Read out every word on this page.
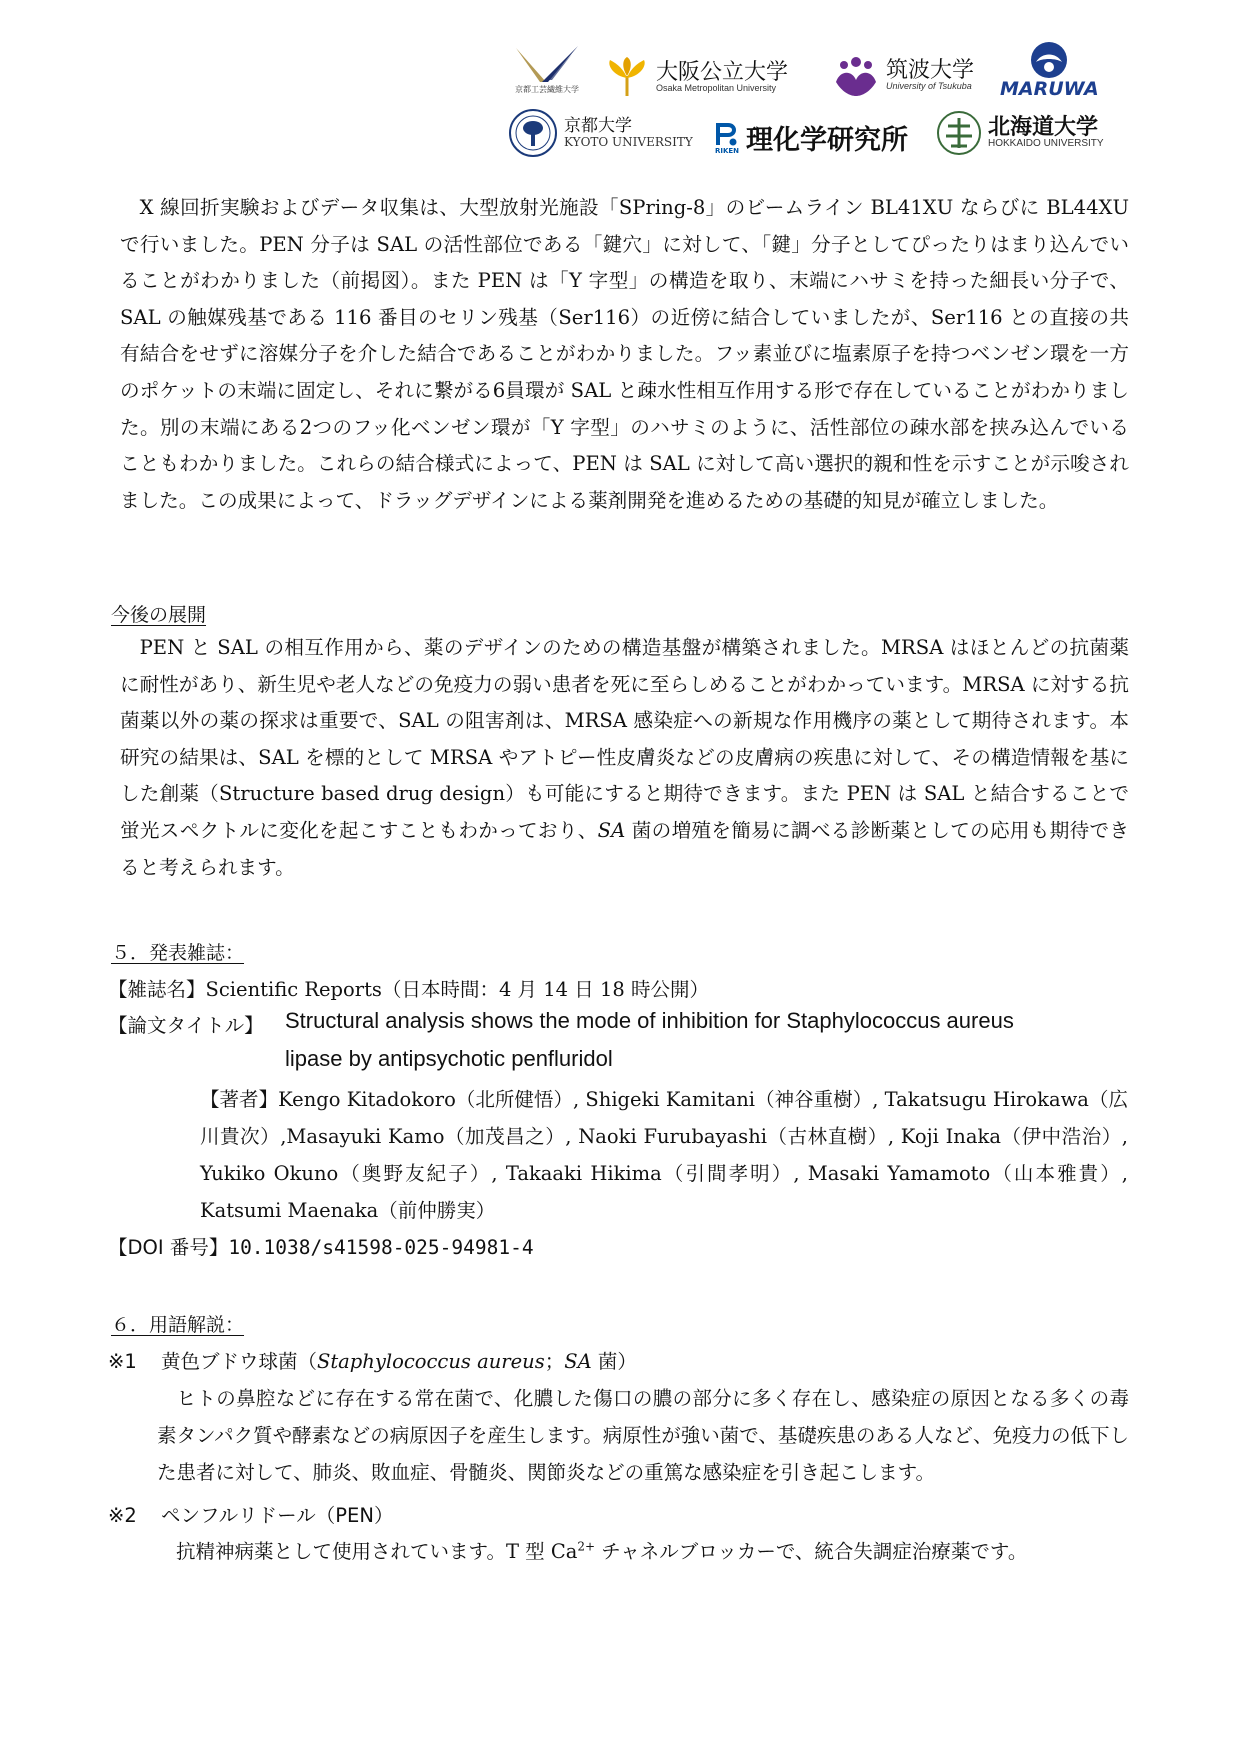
京都工芸繊維大学
大阪公立大学
Osaka Metropolitan University
筑波大学
University of Tsukuba MARUWA
京都大学
KYOTO UNIVERSITY
RIKEN 理化学研究所	北海道大学
HOKKAIDO UNIVERSITY
X 線回折実験およびデータ収集は、大型放射光施設「SPring-8」のビームライン BL41XU ならびに BL44XU で行いました。PEN 分子は SAL の活性部位である「鍵穴」に対して、「鍵」分子としてぴったりはまり込んでいることがわかりました（前掲図）。また PEN は「Y 字型」の構造を取り、末端にハサミを持った細長い分子で、SAL の触媒残基である 116 番目のセリン残基（Ser116）の近傍に結合していましたが、Ser116 との直接の共有結合をせずに溶媒分子を介した結合であることがわかりました。フッ素並びに塩素原子を持つベンゼン環を一方のポケットの末端に固定し、それに繋がる6員環が SAL と疎水性相互作用する形で存在していることがわかりました。別の末端にある2つのフッ化ベンゼン環が「Y 字型」のハサミのように、活性部位の疎水部を挟み込んでいることもわかりました。これらの結合様式によって、PEN は SAL に対して高い選択的親和性を示すことが示唆されました。この成果によって、ドラッグデザインによる薬剤開発を進めるための基礎的知見が確立しました。
今後の展開
PEN と SAL の相互作用から、薬のデザインのための構造基盤が構築されました。MRSA はほとんどの抗菌薬に耐性があり、新生児や老人などの免疫力の弱い患者を死に至らしめることがわかっています。MRSA に対する抗菌薬以外の薬の探求は重要で、SAL の阻害剤は、MRSA 感染症への新規な作用機序の薬として期待されます。本研究の結果は、SAL を標的として MRSA やアトピー性皮膚炎などの皮膚病の疾患に対して、その構造情報を基にした創薬（Structure based drug design）も可能にすると期待できます。また PEN は SAL と結合することで蛍光スペクトルに変化を起こすこともわかっており、SA 菌の増殖を簡易に調べる診断薬としての応用も期待できると考えられます。
５．発表雑誌：
【雑誌名】Scientific Reports（日本時間：4 月 14 日 18 時公開）
【論文タイトル】 Structural analysis shows the mode of inhibition for Staphylococcus aureus
lipase by antipsychotic penfluridol
【著者】Kengo Kitadokoro（北所健悟）, Shigeki Kamitani（神谷重樹）, Takatsugu Hirokawa（広川貴次）,Masayuki Kamo（加茂昌之）, Naoki Furubayashi（古林直樹）, Koji Inaka（伊中浩治）, Yukiko Okuno（奥野友紀子）, Takaaki Hikima（引間孝明）, Masaki Yamamoto（山本雅貴）, Katsumi Maenaka（前仲勝実）
【DOI 番号】10.1038/s41598-025-94981-4
６．用語解説：
※1 黄色ブドウ球菌（Staphylococcus aureus；SA 菌）
ヒトの鼻腔などに存在する常在菌で、化膿した傷口の膿の部分に多く存在し、感染症の原因となる多くの毒素タンパク質や酵素などの病原因子を産生します。病原性が強い菌で、基礎疾患のある人など、免疫力の低下した患者に対して、肺炎、敗血症、骨髄炎、関節炎などの重篤な感染症を引き起こします。
※2 ペンフルリドール（PEN）
抗精神病薬として使用されています。T 型 $Ca^{2+}$ チャネルブロッカーで、統合失調症治療薬です。
